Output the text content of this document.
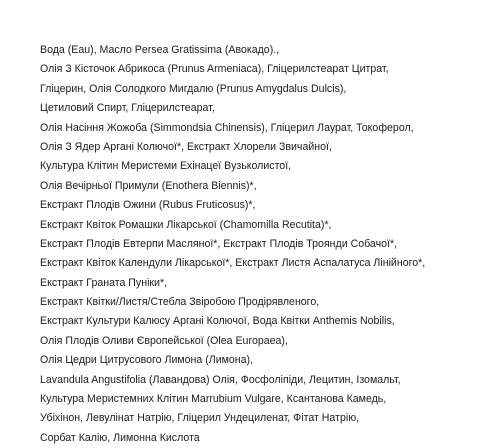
Вода (Eau), Масло Persea Gratissima (Авокадо).,
Олія З Кісточок Абрикоса (Prunus Armeniaca), Гліцерилстеарат Цитрат,
Гліцерин, Олія Солодкого Мигдалю (Prunus Amygdalus Dulcis),
Цетиловий Спирт, Гліцерилстеарат,
Олія Насіння Жожоба (Simmondsia Chinensis), Гліцерил Лаурат, Токоферол,
Олія З Ядер Аргані Колючої*, Екстракт Хлорели Звичайної,
Культура Клітин Меристеми Ехінацеї Вузьколистої,
Олія Вечірньої Примули (Enothera Biennis)*,
Екстракт Плодів Ожини (Rubus Fruticosus)*,
Екстракт Квіток Ромашки Лікарської (Chamomilla Recutita)*,
Екстракт Плодів Евтерпи Масляної*, Екстракт Плодів Троянди Собачої*,
Екстракт Квіток Календули Лікарської*, Екстракт Листя Аспалатуса Лінійного*,
Екстракт Граната Пуніки*,
Екстракт Квітки/Листя/Стебла Звіробою Продірявленого,
Екстракт Культури Калюсу Аргані Колючої, Вода Квітки Anthemis Nobilis,
Олія Плодів Оливи Європейської (Olea Europaea),
Олія Цедри Цитрусового Лимона (Лимона),
Lavandula Angustifolia (Лавандова) Олія, Фосфоліпіди, Лецитин, Ізомальт,
Культура Меристемних Клітин Marrubium Vulgare, Ксантанова Камедь,
Убіхінон, Левулінат Натрію, Гліцерил Ундециленат, Фітат Натрію,
Сорбат Калію, Лимонна Кислота
